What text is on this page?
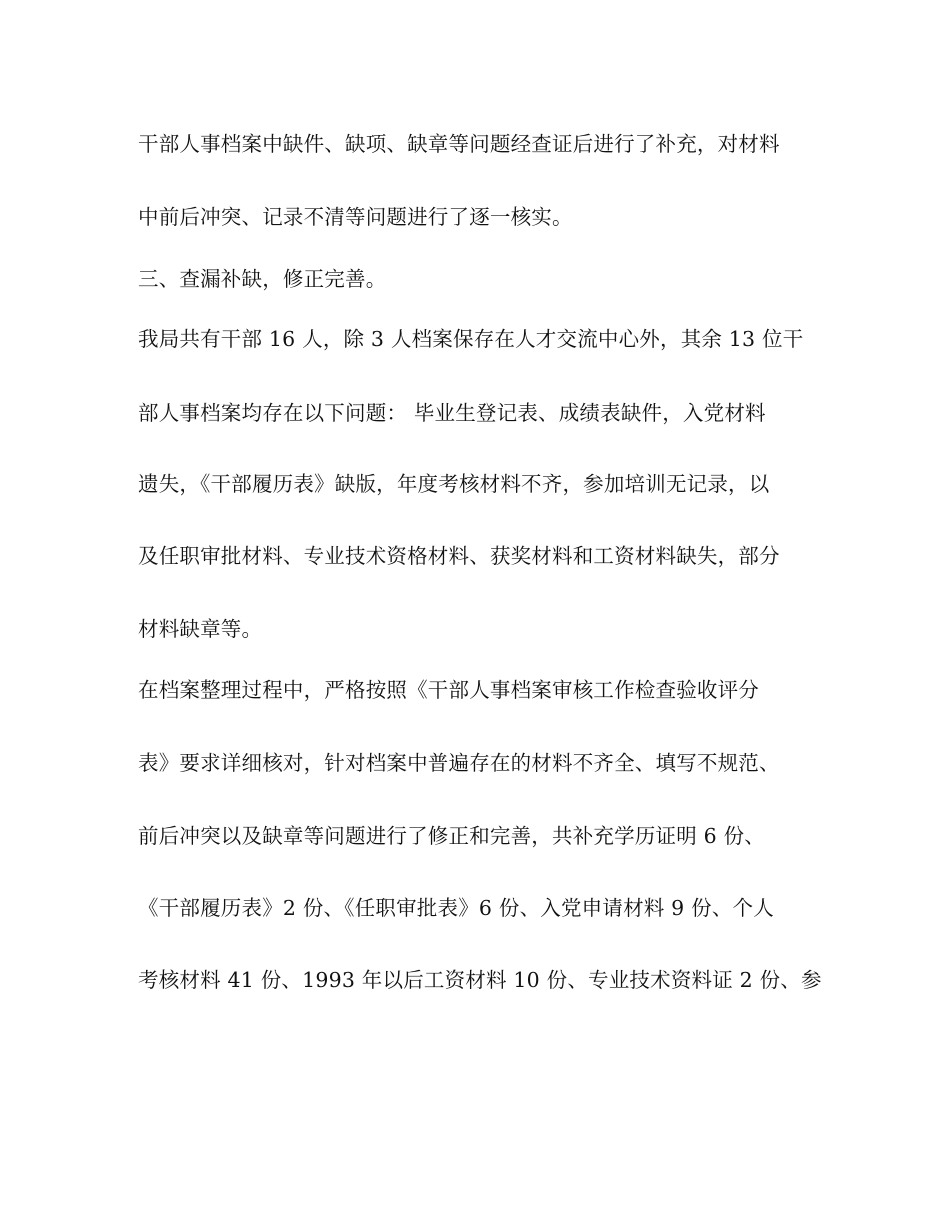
干部人事档案中缺件、缺项、缺章等问题经查证后进行了补充，对材料
中前后冲突、记录不清等问题进行了逐一核实。
三、查漏补缺，修正完善。
我局共有干部 16 人，除 3 人档案保存在人才交流中心外，其余 13 位干
部人事档案均存在以下问题： 毕业生登记表、成绩表缺件，入党材料
遗失，《干部履历表》缺版，年度考核材料不齐，参加培训无记录，以
及任职审批材料、专业技术资格材料、获奖材料和工资材料缺失，部分
材料缺章等。
在档案整理过程中，严格按照《干部人事档案审核工作检查验收评分
表》要求详细核对，针对档案中普遍存在的材料不齐全、填写不规范、
前后冲突以及缺章等问题进行了修正和完善，共补充学历证明 6 份、
《干部履历表》2 份、《任职审批表》6 份、入党申请材料 9 份、个人
考核材料 41 份、1993 年以后工资材料 10 份、专业技术资料证 2 份、参
